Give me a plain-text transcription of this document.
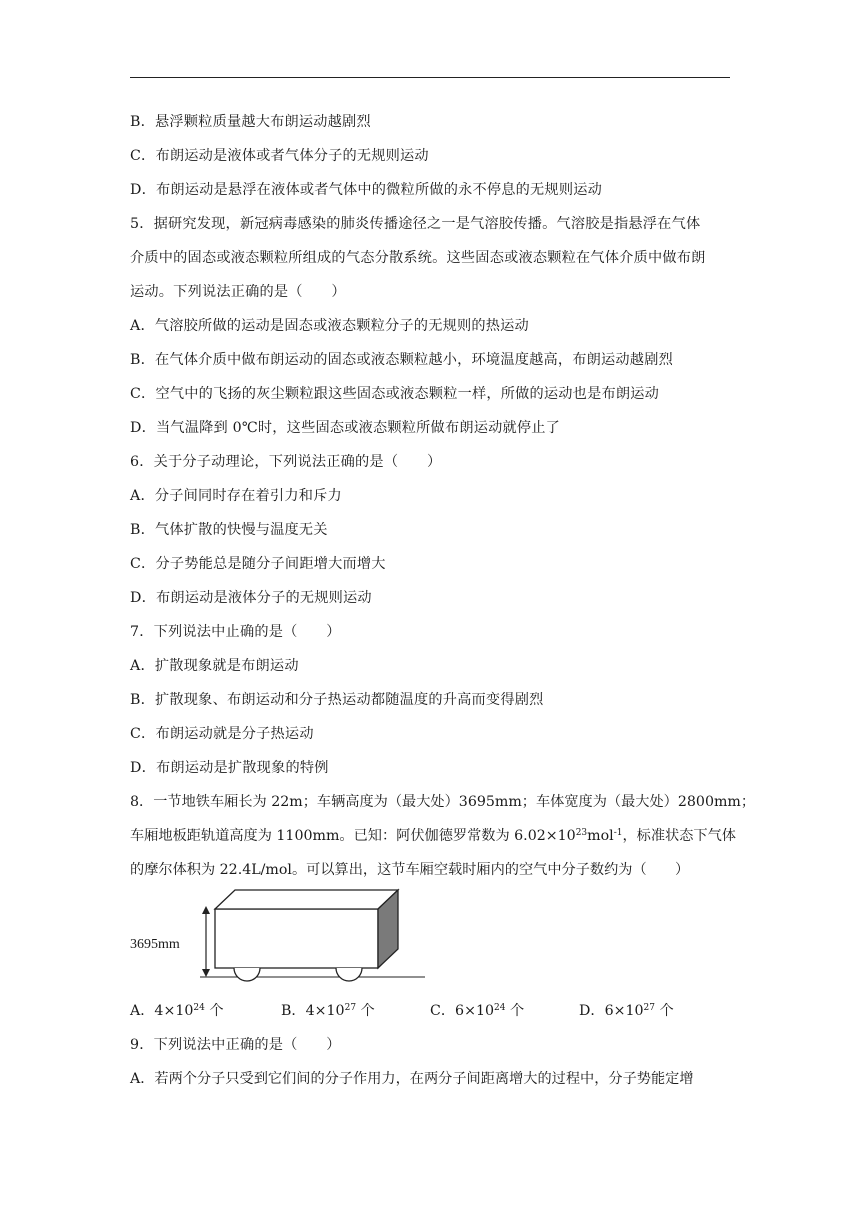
B．悬浮颗粒质量越大布朗运动越剧烈
C．布朗运动是液体或者气体分子的无规则运动
D．布朗运动是悬浮在液体或者气体中的微粒所做的永不停息的无规则运动
5．据研究发现，新冠病毒感染的肺炎传播途径之一是气溶胶传播。气溶胶是指悬浮在气体
介质中的固态或液态颗粒所组成的气态分散系统。这些固态或液态颗粒在气体介质中做布朗
运动。下列说法正确的是（　　）
A．气溶胶所做的运动是固态或液态颗粒分子的无规则的热运动
B．在气体介质中做布朗运动的固态或液态颗粒越小，环境温度越高，布朗运动越剧烈
C．空气中的飞扬的灰尘颗粒跟这些固态或液态颗粒一样，所做的运动也是布朗运动
D．当气温降到 0℃时，这些固态或液态颗粒所做布朗运动就停止了
6．关于分子动理论，下列说法正确的是（　　）
A．分子间同时存在着引力和斥力
B．气体扩散的快慢与温度无关
C．分子势能总是随分子间距增大而增大
D．布朗运动是液体分子的无规则运动
7．下列说法中止确的是（　　）
A．扩散现象就是布朗运动
B．扩散现象、布朗运动和分子热运动都随温度的升高而变得剧烈
C．布朗运动就是分子热运动
D．布朗运动是扩散现象的特例
8．一节地铁车厢长为 22m；车辆高度为（最大处）3695mm；车体宽度为（最大处）2800mm；
车厢地板距轨道高度为 1100mm。已知：阿伏伽德罗常数为 $6.02\times 10^{23}mol^{-1}$，标准状态下气体
的摩尔体积为 22.4L/mol。可以算出，这节车厢空载时厢内的空气中分子数约为（　　）
3695mm
A．$4\times 10^{24}$ 个	B．$4\times 10^{27}$ 个	C．$6\times 10^{24}$ 个	D．$6\times 10^{27}$ 个
9．下列说法中正确的是（　　）
A．若两个分子只受到它们间的分子作用力，在两分子间距离增大的过程中，分子势能定增
